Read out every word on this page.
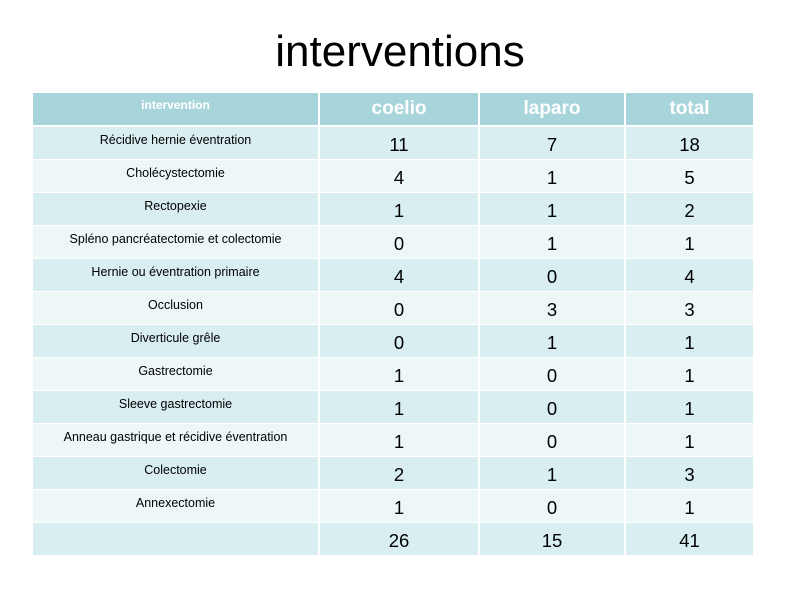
interventions
intervention	coelio	laparo	total
Récidive hernie éventration	11	7	18
Cholécystectomie	4	1	5
Rectopexie	1	1	2
Spléno pancréatectomie et colectomie	0	1	1
Hernie ou éventration primaire	4	0	4
Occlusion	0	3	3
Diverticule grêle	0	1	1
Gastrectomie	1	0	1
Sleeve gastrectomie	1	0	1
Anneau gastrique et récidive éventration	1	0	1
Colectomie	2	1	3
Annexectomie	1	0	1
	26	15	41
